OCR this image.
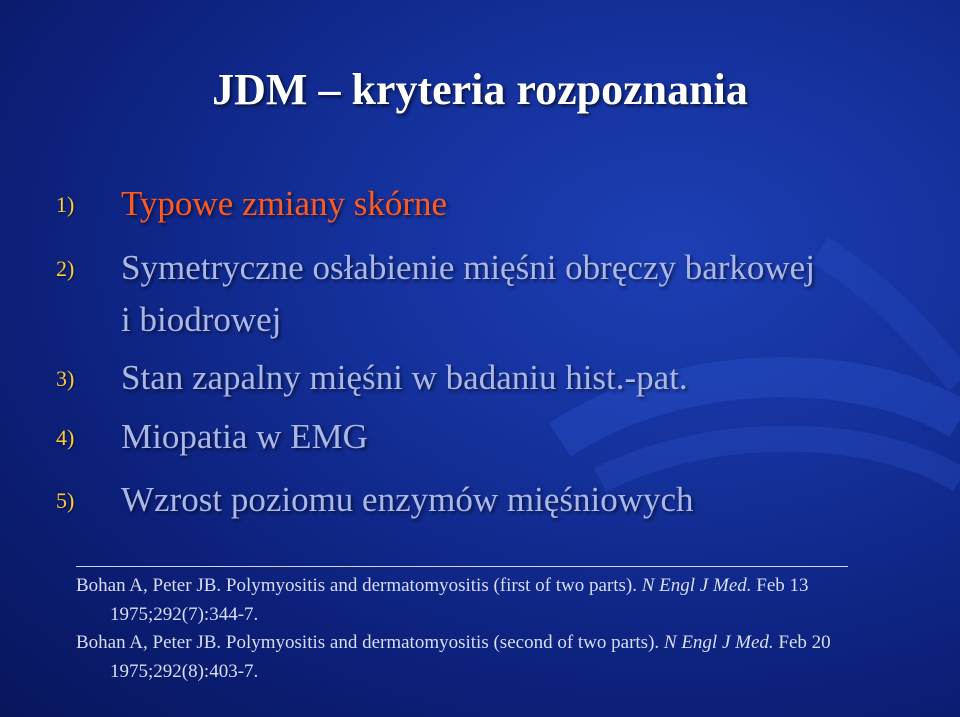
JDM – kryteria rozpoznania
1) Typowe zmiany skórne
2) Symetryczne osłabienie mięśni obręczy barkowej i biodrowej
3) Stan zapalny mięśni w badaniu hist.-pat.
4) Miopatia w EMG
5) Wzrost poziomu enzymów mięśniowych

Bohan A, Peter JB. Polymyositis and dermatomyositis (first of two parts). N Engl J Med. Feb 13 1975;292(7):344-7.

Bohan A, Peter JB. Polymyositis and dermatomyositis (second of two parts). N Engl J Med. Feb 20 1975;292(8):403-7.
